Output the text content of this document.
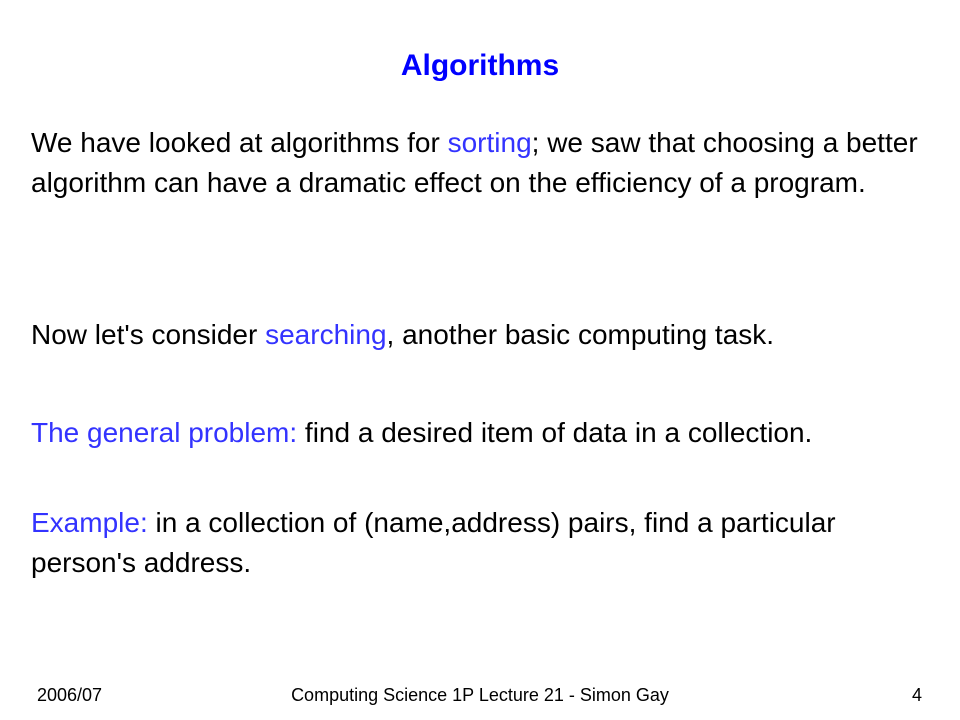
Algorithms

We have looked at algorithms for sorting; we saw that choosing a better algorithm can have a dramatic effect on the efficiency of a program.

Now let's consider searching, another basic computing task.

The general problem: find a desired item of data in a collection.

Example: in a collection of (name,address) pairs, find a particular person's address.

2006/07	Computing Science 1P Lecture 21 - Simon Gay	4
